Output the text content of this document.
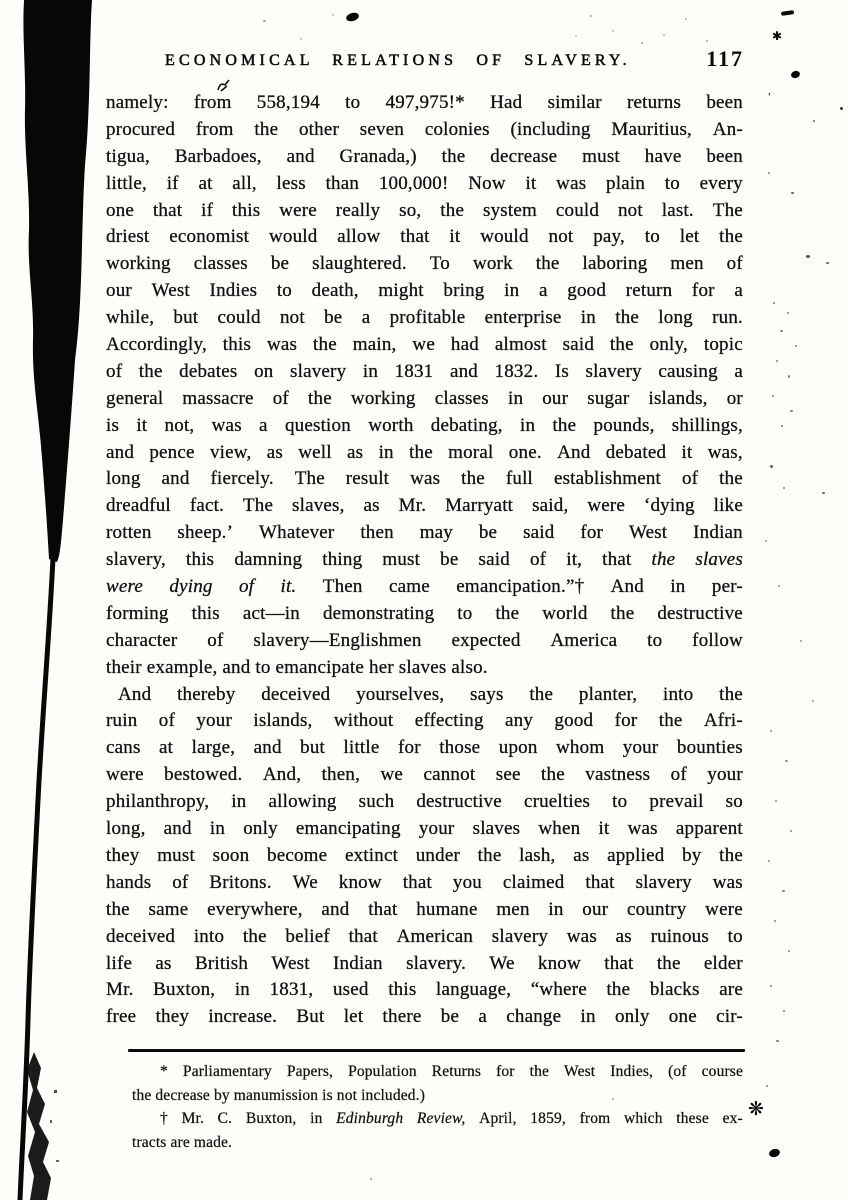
ECONOMICAL RELATIONS OF SLAVERY.	117
namely: from 558,194 to 497,975!* Had similar returns been
procured from the other seven colonies (including Mauritius, An-
tigua, Barbadoes, and Granada,) the decrease must have been
little, if at all, less than 100,000! Now it was plain to every
one that if this were really so, the system could not last. The
driest economist would allow that it would not pay, to let the
working classes be slaughtered. To work the laboring men of
our West Indies to death, might bring in a good return for a
while, but could not be a profitable enterprise in the long run.
Accordingly, this was the main, we had almost said the only, topic
of the debates on slavery in 1831 and 1832. Is slavery causing a
general massacre of the working classes in our sugar islands, or
is it not, was a question worth debating, in the pounds, shillings,
and pence view, as well as in the moral one. And debated it was,
long and fiercely. The result was the full establishment of the
dreadful fact. The slaves, as Mr. Marryatt said, were ‘dying like
rotten sheep.’ Whatever then may be said for West Indian
slavery, this damning thing must be said of it, that the slaves
were dying of it. Then came emancipation.”† And in per-
forming this act—in demonstrating to the world the destructive
character of slavery—Englishmen expected America to follow
their example, and to emancipate her slaves also.
And thereby deceived yourselves, says the planter, into the
ruin of your islands, without effecting any good for the Afri-
cans at large, and but little for those upon whom your bounties
were bestowed. And, then, we cannot see the vastness of your
philanthropy, in allowing such destructive cruelties to prevail so
long, and in only emancipating your slaves when it was apparent
they must soon become extinct under the lash, as applied by the
hands of Britons. We know that you claimed that slavery was
the same everywhere, and that humane men in our country were
deceived into the belief that American slavery was as ruinous to
life as British West Indian slavery. We know that the elder
Mr. Buxton, in 1831, used this language, “where the blacks are
free they increase. But let there be a change in only one cir-
* Parliamentary Papers, Population Returns for the West Indies, (of course
the decrease by manumission is not included.)
† Mr. C. Buxton, in Edinburgh Review, April, 1859, from which these ex-
tracts are made.
✱
,
❋
